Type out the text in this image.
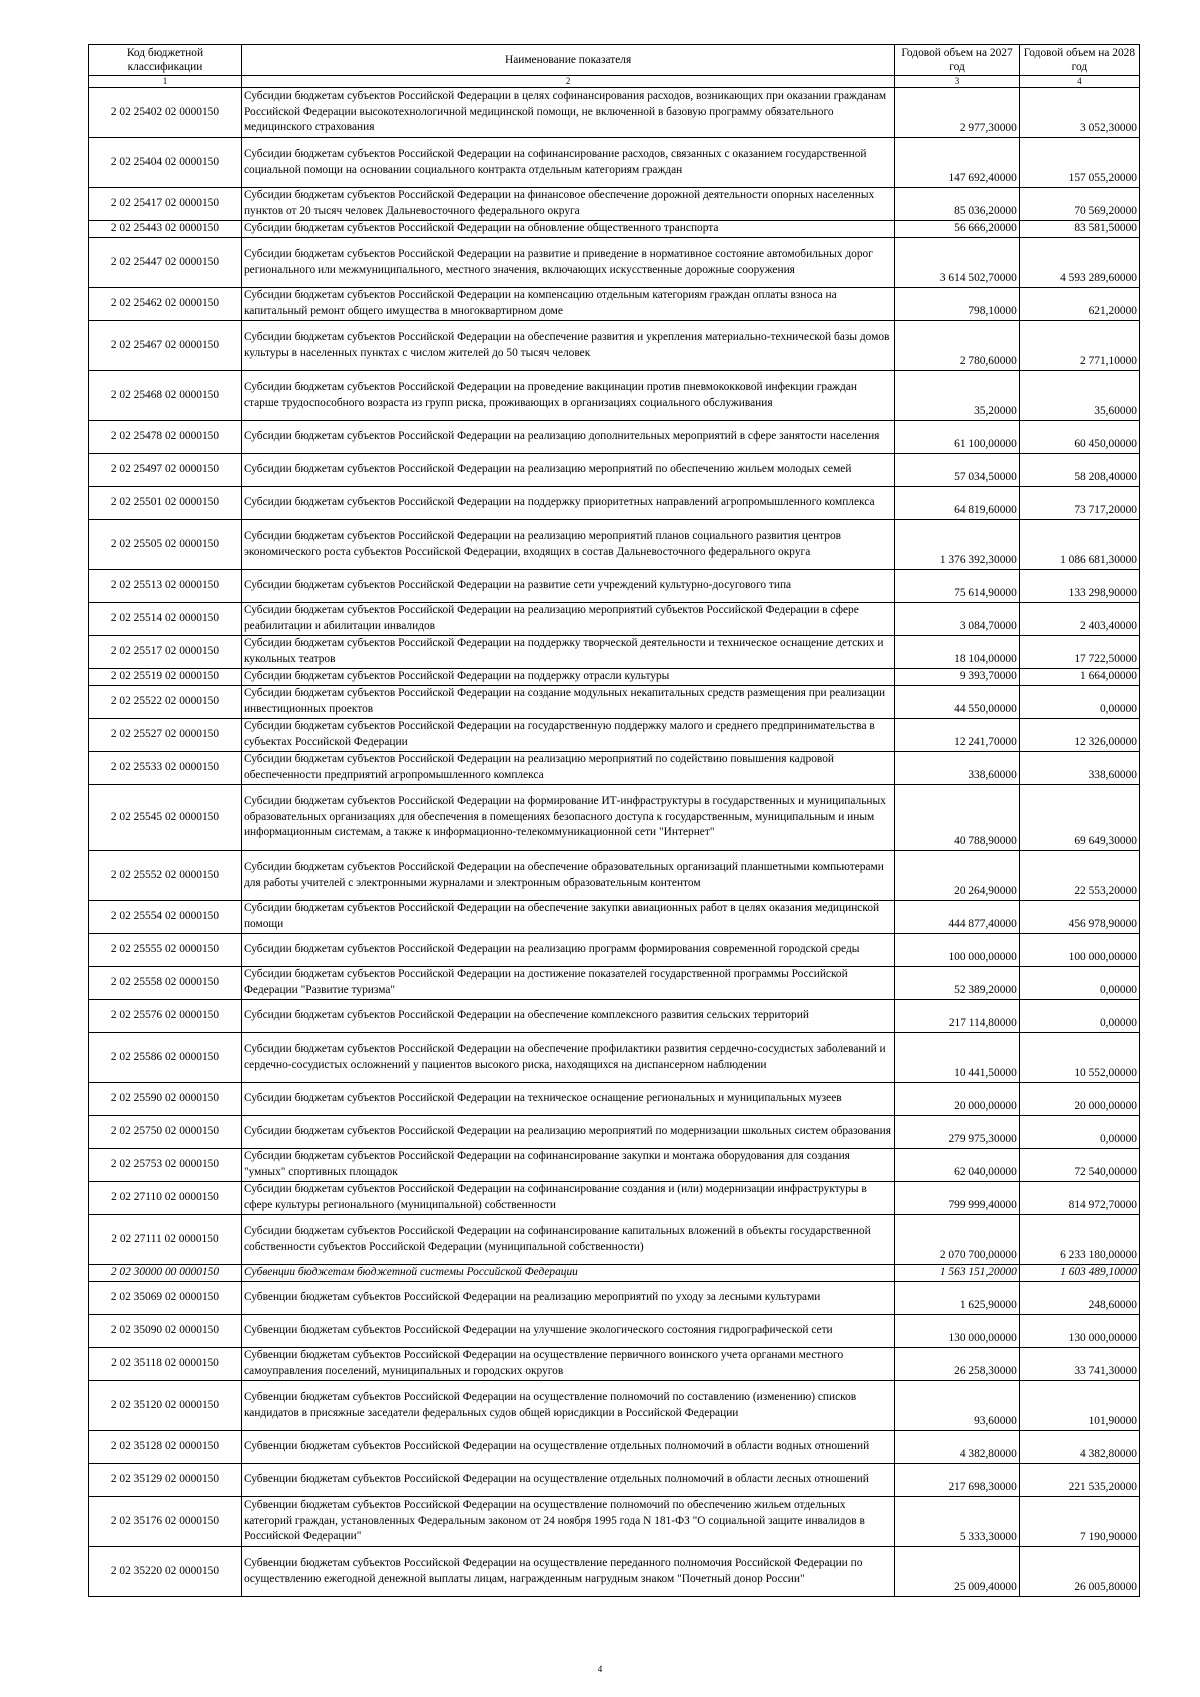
Код бюджетной классификации	Наименование показателя	Годовой объем на 2027 год	Годовой объем на 2028 год
1	2	3	4
2 02 25402 02 0000150	Субсидии бюджетам субъектов Российской Федерации в целях софинансирования расходов, возникающих при оказании гражданам Российской Федерации высокотехнологичной медицинской помощи, не включенной в базовую программу обязательного медицинского страхования	2 977,30000	3 052,30000
2 02 25404 02 0000150	Субсидии бюджетам субъектов Российской Федерации на софинансирование расходов, связанных с оказанием государственной социальной помощи на основании социального контракта отдельным категориям граждан	147 692,40000	157 055,20000
2 02 25417 02 0000150	Субсидии бюджетам субъектов Российской Федерации на финансовое обеспечение дорожной деятельности опорных населенных пунктов от 20 тысяч человек Дальневосточного федерального округа	85 036,20000	70 569,20000
2 02 25443 02 0000150	Субсидии бюджетам субъектов Российской Федерации на обновление общественного транспорта	56 666,20000	83 581,50000
2 02 25447 02 0000150	Субсидии бюджетам субъектов Российской Федерации на развитие и приведение в нормативное состояние автомобильных дорог регионального или межмуниципального, местного значения, включающих искусственные дорожные сооружения	3 614 502,70000	4 593 289,60000
2 02 25462 02 0000150	Субсидии бюджетам субъектов Российской Федерации на компенсацию отдельным категориям граждан оплаты взноса на капитальный ремонт общего имущества в многоквартирном доме	798,10000	621,20000
2 02 25467 02 0000150	Субсидии бюджетам субъектов Российской Федерации на обеспечение развития и укрепления материально-технической базы домов культуры в населенных пунктах с числом жителей до 50 тысяч человек	2 780,60000	2 771,10000
2 02 25468 02 0000150	Субсидии бюджетам субъектов Российской Федерации на проведение вакцинации против пневмококковой инфекции граждан старше трудоспособного возраста из групп риска, проживающих в организациях социального обслуживания	35,20000	35,60000
2 02 25478 02 0000150	Субсидии бюджетам субъектов Российской Федерации на реализацию дополнительных мероприятий в сфере занятости населения	61 100,00000	60 450,00000
2 02 25497 02 0000150	Субсидии бюджетам субъектов Российской Федерации на реализацию мероприятий по обеспечению жильем молодых семей	57 034,50000	58 208,40000
2 02 25501 02 0000150	Субсидии бюджетам субъектов Российской Федерации на поддержку приоритетных направлений агропромышленного комплекса	64 819,60000	73 717,20000
2 02 25505 02 0000150	Субсидии бюджетам субъектов Российской Федерации на реализацию мероприятий планов социального развития центров экономического роста субъектов Российской Федерации, входящих в состав Дальневосточного федерального округа	1 376 392,30000	1 086 681,30000
2 02 25513 02 0000150	Субсидии бюджетам субъектов Российской Федерации на развитие сети учреждений культурно-досугового типа	75 614,90000	133 298,90000
2 02 25514 02 0000150	Субсидии бюджетам субъектов Российской Федерации на реализацию мероприятий субъектов Российской Федерации в сфере реабилитации и абилитации инвалидов	3 084,70000	2 403,40000
2 02 25517 02 0000150	Субсидии бюджетам субъектов Российской Федерации на поддержку творческой деятельности и техническое оснащение детских и кукольных театров	18 104,00000	17 722,50000
2 02 25519 02 0000150	Субсидии бюджетам субъектов Российской Федерации на поддержку отрасли культуры	9 393,70000	1 664,00000
2 02 25522 02 0000150	Субсидии бюджетам субъектов Российской Федерации на создание модульных некапитальных средств размещения при реализации инвестиционных проектов	44 550,00000	0,00000
2 02 25527 02 0000150	Субсидии бюджетам субъектов Российской Федерации на государственную поддержку малого и среднего предпринимательства в субъектах Российской Федерации	12 241,70000	12 326,00000
2 02 25533 02 0000150	Субсидии бюджетам субъектов Российской Федерации на реализацию мероприятий по содействию повышения кадровой обеспеченности предприятий агропромышленного комплекса	338,60000	338,60000
2 02 25545 02 0000150	Субсидии бюджетам субъектов Российской Федерации на формирование ИТ-инфраструктуры в государственных и муниципальных образовательных организациях для обеспечения в помещениях безопасного доступа к государственным, муниципальным и иным информационным системам, а также к информационно-телекоммуникационной сети "Интернет"	40 788,90000	69 649,30000
2 02 25552 02 0000150	Субсидии бюджетам субъектов Российской Федерации на обеспечение образовательных организаций планшетными компьютерами для работы учителей с электронными журналами и электронным образовательным контентом	20 264,90000	22 553,20000
2 02 25554 02 0000150	Субсидии бюджетам субъектов Российской Федерации на обеспечение закупки авиационных работ в целях оказания медицинской помощи	444 877,40000	456 978,90000
2 02 25555 02 0000150	Субсидии бюджетам субъектов Российской Федерации на реализацию программ формирования современной городской среды	100 000,00000	100 000,00000
2 02 25558 02 0000150	Субсидии бюджетам субъектов Российской Федерации на достижение показателей государственной программы Российской Федерации "Развитие туризма"	52 389,20000	0,00000
2 02 25576 02 0000150	Субсидии бюджетам субъектов Российской Федерации на обеспечение комплексного развития сельских территорий	217 114,80000	0,00000
2 02 25586 02 0000150	Субсидии бюджетам субъектов Российской Федерации на обеспечение профилактики развития сердечно-сосудистых заболеваний и сердечно-сосудистых осложнений у пациентов высокого риска, находящихся на диспансерном наблюдении	10 441,50000	10 552,00000
2 02 25590 02 0000150	Субсидии бюджетам субъектов Российской Федерации на техническое оснащение региональных и муниципальных музеев	20 000,00000	20 000,00000
2 02 25750 02 0000150	Субсидии бюджетам субъектов Российской Федерации на реализацию мероприятий по модернизации школьных систем образования	279 975,30000	0,00000
2 02 25753 02 0000150	Субсидии бюджетам субъектов Российской Федерации на софинансирование закупки и монтажа оборудования для создания "умных" спортивных площадок	62 040,00000	72 540,00000
2 02 27110 02 0000150	Субсидии бюджетам субъектов Российской Федерации на софинансирование создания и (или) модернизации инфраструктуры в сфере культуры регионального (муниципальной) собственности	799 999,40000	814 972,70000
2 02 27111 02 0000150	Субсидии бюджетам субъектов Российской Федерации на софинансирование капитальных вложений в объекты государственной собственности субъектов Российской Федерации (муниципальной собственности)	2 070 700,00000	6 233 180,00000
2 02 30000 00 0000150	Субвенции бюджетам бюджетной системы Российской Федерации	1 563 151,20000	1 603 489,10000
2 02 35069 02 0000150	Субвенции бюджетам субъектов Российской Федерации на реализацию мероприятий по уходу за лесными культурами	1 625,90000	248,60000
2 02 35090 02 0000150	Субвенции бюджетам субъектов Российской Федерации на улучшение экологического состояния гидрографической сети	130 000,00000	130 000,00000
2 02 35118 02 0000150	Субвенции бюджетам субъектов Российской Федерации на осуществление первичного воинского учета органами местного самоуправления поселений, муниципальных и городских округов	26 258,30000	33 741,30000
2 02 35120 02 0000150	Субвенции бюджетам субъектов Российской Федерации на осуществление полномочий по составлению (изменению) списков кандидатов в присяжные заседатели федеральных судов общей юрисдикции в Российской Федерации	93,60000	101,90000
2 02 35128 02 0000150	Субвенции бюджетам субъектов Российской Федерации на осуществление отдельных полномочий в области водных отношений	4 382,80000	4 382,80000
2 02 35129 02 0000150	Субвенции бюджетам субъектов Российской Федерации на осуществление отдельных полномочий в области лесных отношений	217 698,30000	221 535,20000
2 02 35176 02 0000150	Субвенции бюджетам субъектов Российской Федерации на осуществление полномочий по обеспечению жильем отдельных категорий граждан, установленных Федеральным законом от 24 ноября 1995 года N 181-ФЗ "О социальной защите инвалидов в Российской Федерации"	5 333,30000	7 190,90000
2 02 35220 02 0000150	Субвенции бюджетам субъектов Российской Федерации на осуществление переданного полномочия Российской Федерации по осуществлению ежегодной денежной выплаты лицам, награжденным нагрудным знаком "Почетный донор России"	25 009,40000	26 005,80000
4
